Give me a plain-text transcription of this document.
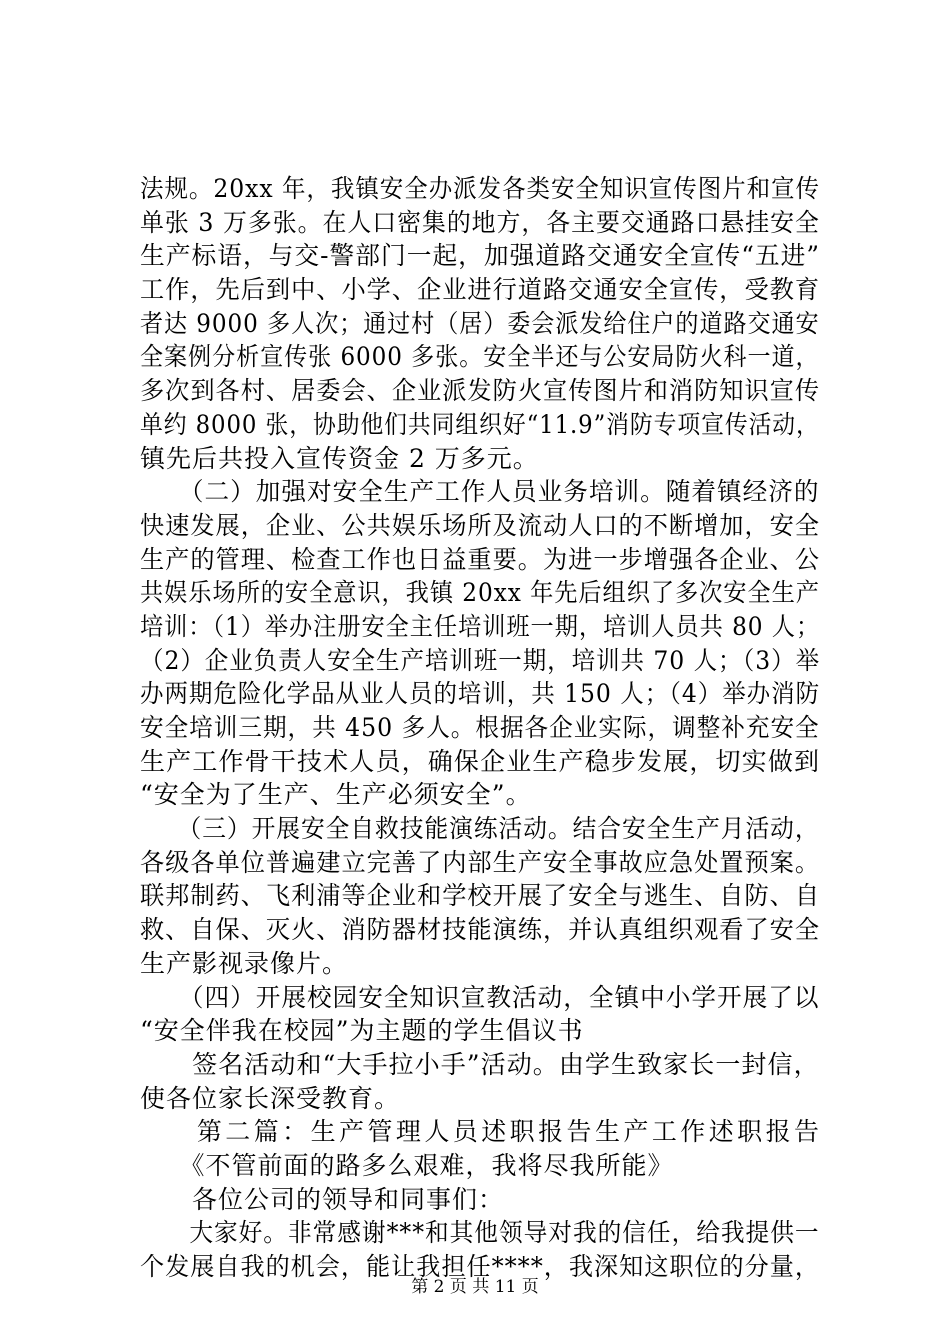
法规。20xx 年，我镇安全办派发各类安全知识宣传图片和宣传
单张 3 万多张。在人口密集的地方，各主要交通路口悬挂安全
生产标语，与交-警部门一起，加强道路交通安全宣传“五进”
工作，先后到中、小学、企业进行道路交通安全宣传，受教育
者达 9000 多人次；通过村（居）委会派发给住户的道路交通安
全案例分析宣传张 6000 多张。安全半还与公安局防火科一道，
多次到各村、居委会、企业派发防火宣传图片和消防知识宣传
单约 8000 张，协助他们共同组织好“11.9”消防专项宣传活动，
镇先后共投入宣传资金 2 万多元。
　　（二）加强对安全生产工作人员业务培训。随着镇经济的
快速发展，企业、公共娱乐场所及流动人口的不断增加，安全
生产的管理、检查工作也日益重要。为进一步增强各企业、公
共娱乐场所的安全意识，我镇 20xx 年先后组织了多次安全生产
培训：（1）举办注册安全主任培训班一期，培训人员共 80 人；
（2）企业负责人安全生产培训班一期，培训共 70 人；（3）举
办两期危险化学品从业人员的培训，共 150 人；（4）举办消防
安全培训三期，共 450 多人。根据各企业实际，调整补充安全
生产工作骨干技术人员，确保企业生产稳步发展，切实做到
“安全为了生产、生产必须安全”。
　　（三）开展安全自救技能演练活动。结合安全生产月活动，
各级各单位普遍建立完善了内部生产安全事故应急处置预案。
联邦制药、飞利浦等企业和学校开展了安全与逃生、自防、自
救、自保、灭火、消防器材技能演练，并认真组织观看了安全
生产影视录像片。
　　（四）开展校园安全知识宣教活动，全镇中小学开展了以
“安全伴我在校园”为主题的学生倡议书
　　签名活动和“大手拉小手”活动。由学生致家长一封信，
使各位家长深受教育。
　　第二篇：生产管理人员述职报告生产工作述职报告
　　《不管前面的路多么艰难，我将尽我所能》
　　各位公司的领导和同事们：
　　大家好。非常感谢***和其他领导对我的信任，给我提供一
个发展自我的机会，能让我担任****，我深知这职位的分量，
第 2 页 共 11 页
